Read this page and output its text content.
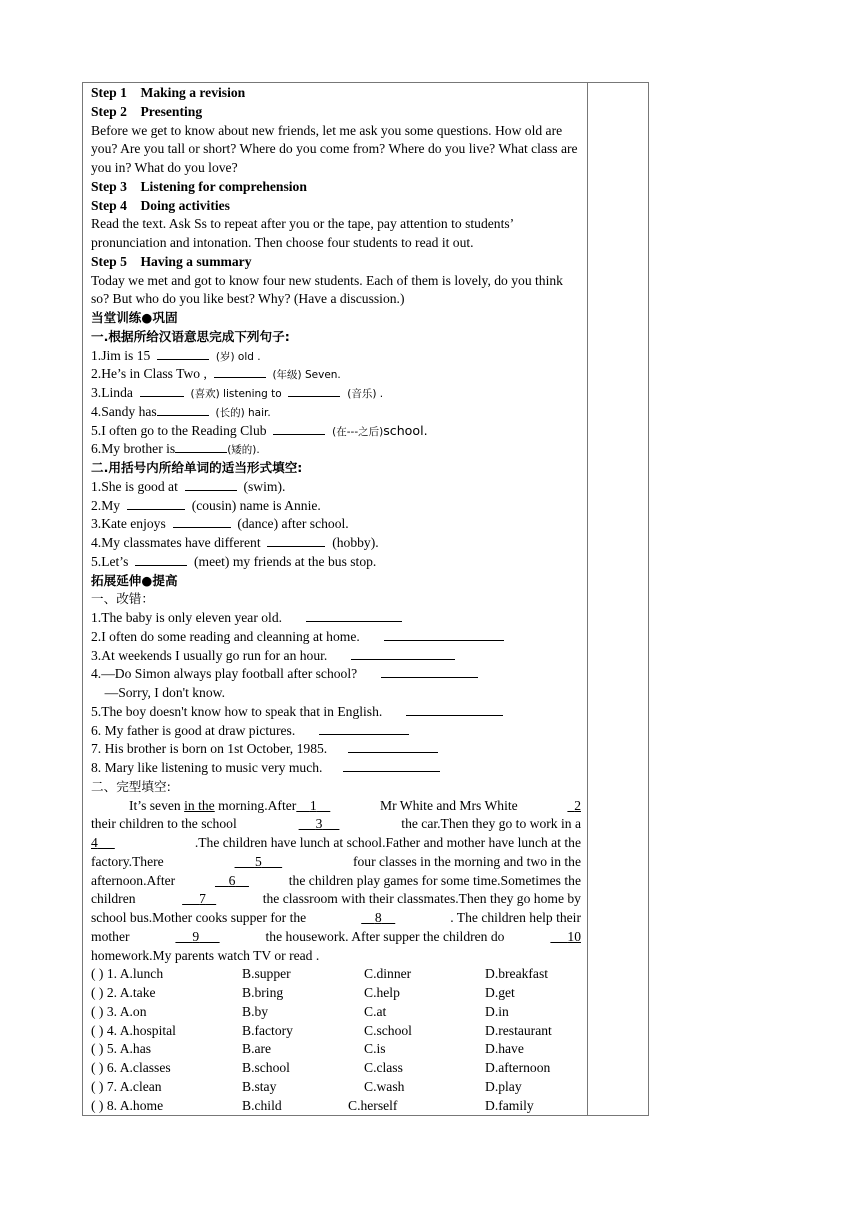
Step 1 Making a revision
Step 2 Presenting
Before we get to know about new friends, let me ask you some questions. How old are you? Are you tall or short? Where do you come from? Where do you live? What class are you in? What do you love?
Step 3 Listening for comprehension
Step 4 Doing activities
Read the text. Ask Ss to repeat after you or the tape, pay attention to students’ pronunciation and intonation. Then choose four students to read it out.
Step 5 Having a summary
Today we met and got to know four new students. Each of them is lovely, do you think so? But who do you like best? Why? (Have a discussion.)
当堂训练●巩固
一.根据所给汉语意思完成下列句子:
1.Jim is 15	(岁) old .
2.He’s in Class Two ,	(年级) Seven.
3.Linda	(喜欢) listening to	(音乐) .
4.Sandy has	(长的) hair.
5.I often go to the Reading Club	(在---之后)school.
6.My brother is	(矮的).
二.用括号内所给单词的适当形式填空:
1.She is good at	(swim).
2.My	(cousin) name is Annie.
3.Kate enjoys	(dance) after school.
4.My classmates have different	(hobby).
5.Let’s	(meet) my friends at the bus stop.
拓展延伸●提高
一、改错：
1.The baby is only eleven year old.
2.I often do some reading and cleanning at home.
3.At weekends I usually go run for an hour.
4.—Do Simon always play football after school?
—Sorry, I don't know.
5.The boy doesn't know how to speak that in English.
6. My father is good at draw pictures.
7. His brother is born on 1st October, 1985.
8. Mary like listening to music very much.
二、完型填空:
It’s seven in the morning.After 1	Mr White and Mrs White	2
their children to the school	3	the car.Then they go to work in a
4	.The children have lunch at school.Father and mother have lunch at the
factory.There	5	four classes in the morning and two in the
afternoon.After	6	the children play games for some time.Sometimes the
children	7	the classroom with their classmates.Then they go home by
school bus.Mother cooks supper for the	8	. The children help their
mother	9	the housework. After supper the children do	10
homework.My parents watch TV or read .
( ) 1. A.lunch	B.supper	C.dinner	D.breakfast
( ) 2. A.take	B.bring	C.help	D.get
( ) 3. A.on	B.by	C.at	D.in
( ) 4. A.hospital	B.factory	C.school	D.restaurant
( ) 5. A.has	B.are	C.is	D.have
( ) 6. A.classes	B.school	C.class	D.afternoon
( ) 7. A.clean	B.stay	C.wash	D.play
( ) 8. A.home	B.child	C.herself	D.family
